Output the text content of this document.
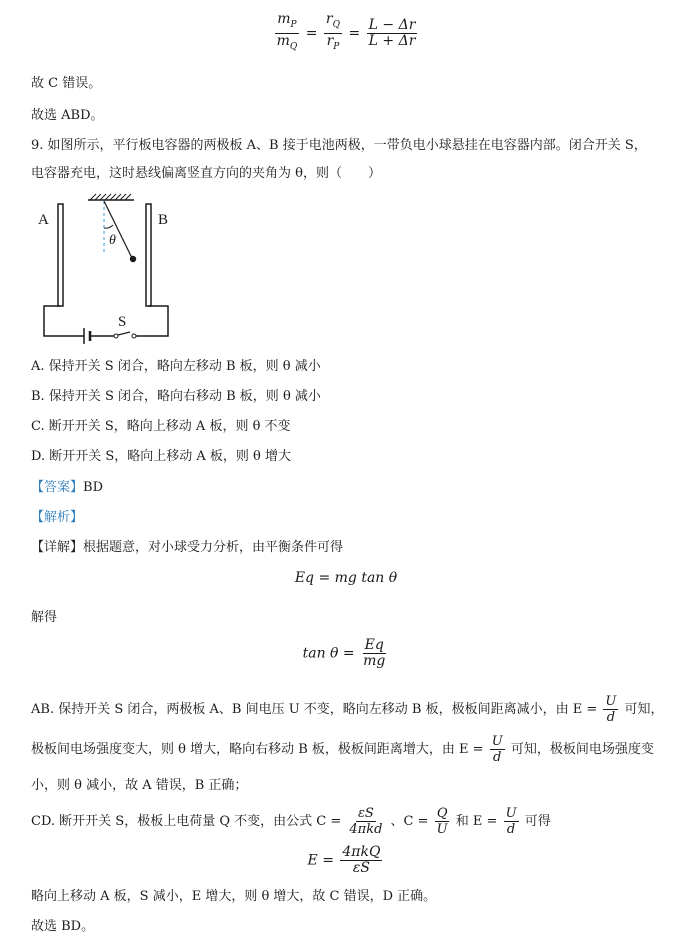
$\frac{m_P}{m_Q} = \frac{r_Q}{r_P} = \frac{L - \Delta r}{L + \Delta r}$
故 C 错误。
故选 ABD。
9. 如图所示，平行板电容器的两极板 A、B 接于电池两极，一带负电小球悬挂在电容器内部。闭合开关 S，
电容器充电，这时悬线偏离竖直方向的夹角为 θ，则（　　）
A	B
θ
S
A. 保持开关 S 闭合，略向左移动 B 板，则 θ 减小
B. 保持开关 S 闭合，略向右移动 B 板，则 θ 减小
C. 断开开关 S，略向上移动 A 板，则 θ 不变
D. 断开开关 S，略向上移动 A 板，则 θ 增大
【答案】BD
【解析】
【详解】根据题意，对小球受力分析，由平衡条件可得
Eq = mg tan θ
解得
$\tan \theta = \frac{Eq}{mg}$
AB. 保持开关 S 闭合，两极板 A、B 间电压 U 不变，略向左移动 B 板，极板间距离减小，由 $E = \frac{U}{d}$ 可知，
极板间电场强度变大，则 θ 增大，略向右移动 B 板，极板间距离增大，由 $E = \frac{U}{d}$ 可知，极板间电场强度变
小，则 θ 减小，故 A 错误，B 正确；
CD. 断开开关 S，极板上电荷量 Q 不变，由公式 $C = \frac{\varepsilon S}{\text{4πkd}}$ 、$C = \frac{Q}{U}$ 和 $E = \frac{U}{d}$ 可得
$E = \frac{\text{4πkQ}}{\varepsilon S}$
略向上移动 A 板，S 减小，E 增大，则 θ 增大，故 C 错误，D 正确。
故选 BD。
